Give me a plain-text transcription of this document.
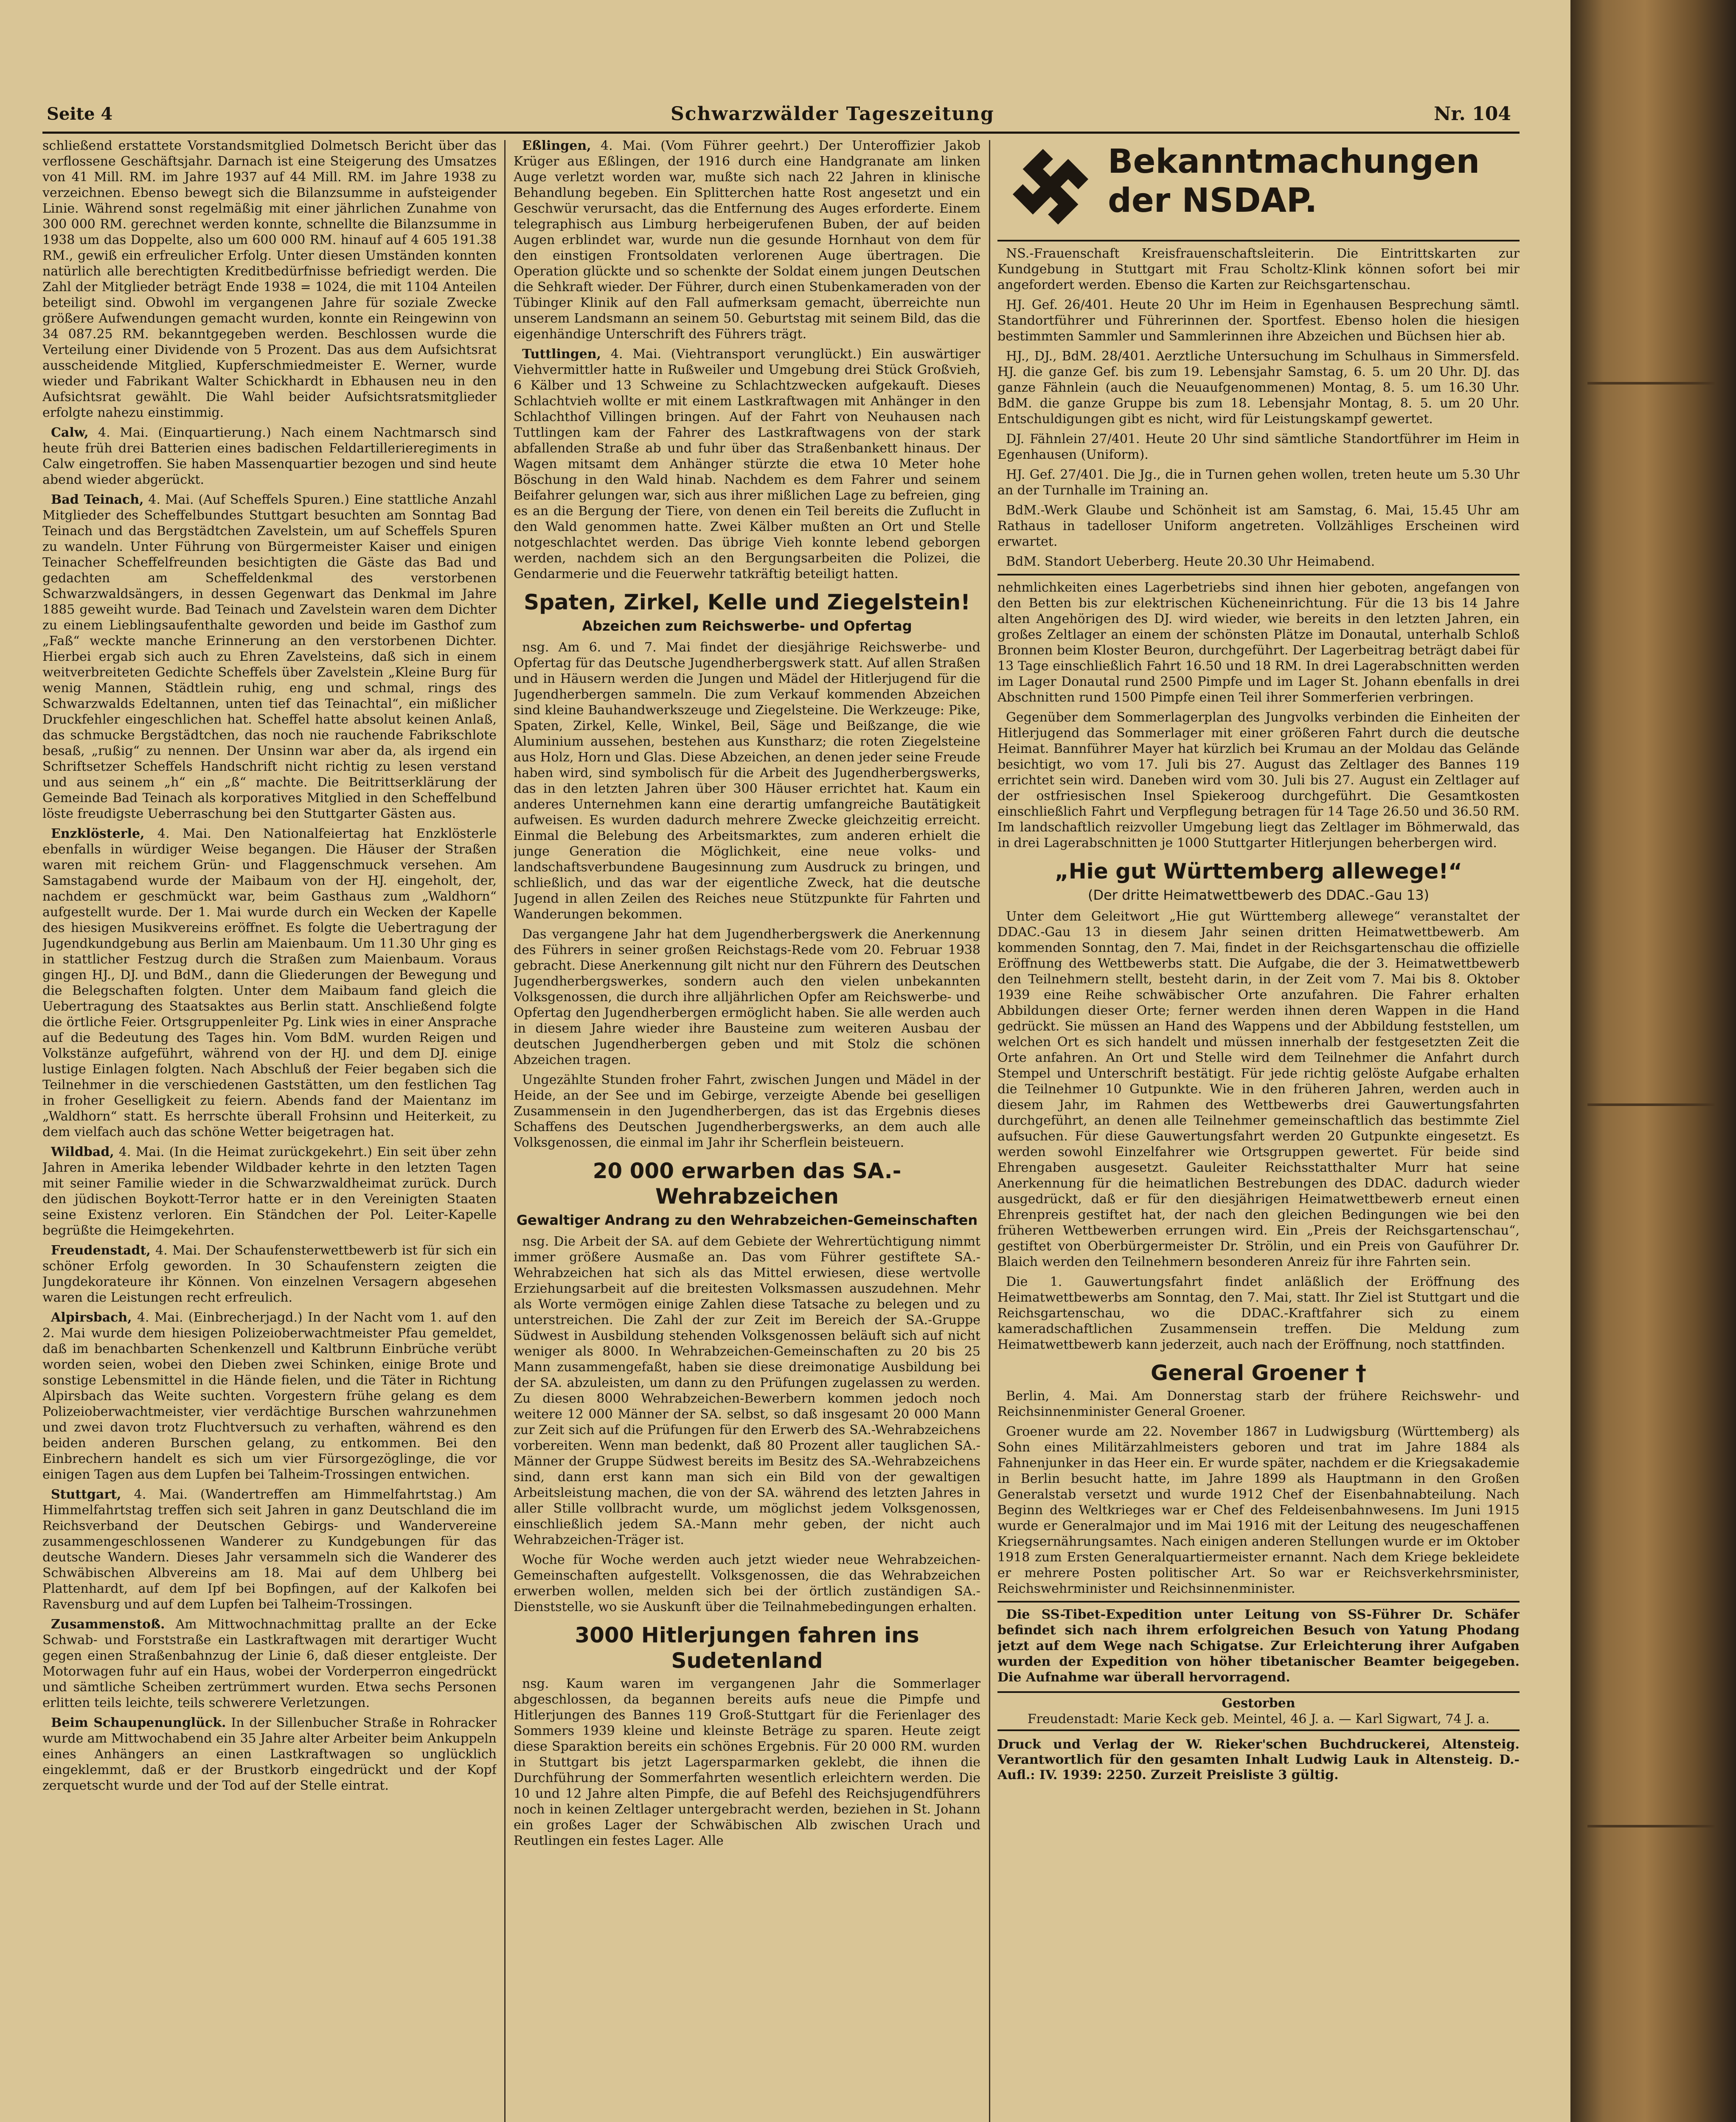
Seite 4	Schwarzwälder Tageszeitung	Nr. 104

schließend erstattete Vorstandsmitglied Dolmetsch Bericht über das verflossene Geschäftsjahr. Darnach ist eine Steigerung des Umsatzes von 41 Mill. RM. im Jahre 1937 auf 44 Mill. RM. im Jahre 1938 zu verzeichnen. Ebenso bewegt sich die Bilanzsumme in aufsteigender Linie. Während sonst regelmäßig mit einer jährlichen Zunahme von 300 000 RM. gerechnet werden konnte, schnellte die Bilanzsumme in 1938 um das Doppelte, also um 600 000 RM. hinauf auf 4 605 191.38 RM., gewiß ein erfreulicher Erfolg. Unter diesen Umständen konnten natürlich alle berechtigten Kreditbedürfnisse befriedigt werden. Die Zahl der Mitglieder beträgt Ende 1938 = 1024, die mit 1104 Anteilen beteiligt sind. Obwohl im vergangenen Jahre für soziale Zwecke größere Aufwendungen gemacht wurden, konnte ein Reingewinn von 34 087.25 RM. bekanntgegeben werden. Beschlossen wurde die Verteilung einer Dividende von 5 Prozent. Das aus dem Aufsichtsrat ausscheidende Mitglied, Kupferschmiedmeister E. Werner, wurde wieder und Fabrikant Walter Schickhardt in Ebhausen neu in den Aufsichtsrat gewählt. Die Wahl beider Aufsichtsratsmitglieder erfolgte nahezu einstimmig.

Calw, 4. Mai. (Einquartierung.) Nach einem Nachtmarsch sind heute früh drei Batterien eines badischen Feldartillerieregiments in Calw eingetroffen. Sie haben Massenquartier bezogen und sind heute abend wieder abgerückt.

Bad Teinach, 4. Mai. (Auf Scheffels Spuren.) Eine stattliche Anzahl Mitglieder des Scheffelbundes Stuttgart besuchten am Sonntag Bad Teinach und das Bergstädtchen Zavelstein, um auf Scheffels Spuren zu wandeln. Unter Führung von Bürgermeister Kaiser und einigen Teinacher Scheffelfreunden besichtigten die Gäste das Bad und gedachten am Scheffeldenkmal des verstorbenen Schwarzwaldsängers, in dessen Gegenwart das Denkmal im Jahre 1885 geweiht wurde. Bad Teinach und Zavelstein waren dem Dichter zu einem Lieblingsaufenthalte geworden und beide im Gasthof zum „Faß“ weckte manche Erinnerung an den verstorbenen Dichter. Hierbei ergab sich auch zu Ehren Zavelsteins, daß sich in einem weitverbreiteten Gedichte Scheffels über Zavelstein „Kleine Burg für wenig Mannen, Städtlein ruhig, eng und schmal, rings des Schwarzwalds Edeltannen, unten tief das Teinachtal“, ein mißlicher Druckfehler eingeschlichen hat. Scheffel hatte absolut keinen Anlaß, das schmucke Bergstädtchen, das noch nie rauchende Fabrikschlote besaß, „rußig“ zu nennen. Der Unsinn war aber da, als irgend ein Schriftsetzer Scheffels Handschrift nicht richtig zu lesen verstand und aus seinem „h“ ein „ß“ machte. Die Beitrittserklärung der Gemeinde Bad Teinach als korporatives Mitglied in den Scheffelbund löste freudigste Ueberraschung bei den Stuttgarter Gästen aus.

Enzklösterle, 4. Mai. Den Nationalfeiertag hat Enzklösterle ebenfalls in würdiger Weise begangen. Die Häuser der Straßen waren mit reichem Grün- und Flaggenschmuck versehen. Am Samstagabend wurde der Maibaum von der HJ. eingeholt, der, nachdem er geschmückt war, beim Gasthaus zum „Waldhorn“ aufgestellt wurde. Der 1. Mai wurde durch ein Wecken der Kapelle des hiesigen Musikvereins eröffnet. Es folgte die Uebertragung der Jugendkundgebung aus Berlin am Maienbaum. Um 11.30 Uhr ging es in stattlicher Festzug durch die Straßen zum Maienbaum. Voraus gingen HJ., DJ. und BdM., dann die Gliederungen der Bewegung und die Belegschaften folgten. Unter dem Maibaum fand gleich die Uebertragung des Staatsaktes aus Berlin statt. Anschließend folgte die örtliche Feier. Ortsgruppenleiter Pg. Link wies in einer Ansprache auf die Bedeutung des Tages hin. Vom BdM. wurden Reigen und Volkstänze aufgeführt, während von der HJ. und dem DJ. einige lustige Einlagen folgten. Nach Abschluß der Feier begaben sich die Teilnehmer in die verschiedenen Gaststätten, um den festlichen Tag in froher Geselligkeit zu feiern. Abends fand der Maientanz im „Waldhorn“ statt. Es herrschte überall Frohsinn und Heiterkeit, zu dem vielfach auch das schöne Wetter beigetragen hat.

Wildbad, 4. Mai. (In die Heimat zurückgekehrt.) Ein seit über zehn Jahren in Amerika lebender Wildbader kehrte in den letzten Tagen mit seiner Familie wieder in die Schwarzwaldheimat zurück. Durch den jüdischen Boykott-Terror hatte er in den Vereinigten Staaten seine Existenz verloren. Ein Ständchen der Pol. Leiter-Kapelle begrüßte die Heimgekehrten.

Freudenstadt, 4. Mai. Der Schaufensterwettbewerb ist für sich ein schöner Erfolg geworden. In 30 Schaufenstern zeigten die Jungdekorateure ihr Können. Von einzelnen Versagern abgesehen waren die Leistungen recht erfreulich.

Alpirsbach, 4. Mai. (Einbrecherjagd.) In der Nacht vom 1. auf den 2. Mai wurde dem hiesigen Polizeioberwachtmeister Pfau gemeldet, daß im benachbarten Schenkenzell und Kaltbrunn Einbrüche verübt worden seien, wobei den Dieben zwei Schinken, einige Brote und sonstige Lebensmittel in die Hände fielen, und die Täter in Richtung Alpirsbach das Weite suchten. Vorgestern frühe gelang es dem Polizeioberwachtmeister, vier verdächtige Burschen wahrzunehmen und zwei davon trotz Fluchtversuch zu verhaften, während es den beiden anderen Burschen gelang, zu entkommen. Bei den Einbrechern handelt es sich um vier Fürsorgezöglinge, die vor einigen Tagen aus dem Lupfen bei Talheim-Trossingen entwichen.

Stuttgart, 4. Mai. (Wandertreffen am Himmelfahrtstag.) Am Himmelfahrtstag treffen sich seit Jahren in ganz Deutschland die im Reichsverband der Deutschen Gebirgs- und Wandervereine zusammengeschlossenen Wanderer zu Kundgebungen für das deutsche Wandern. Dieses Jahr versammeln sich die Wanderer des Schwäbischen Albvereins am 18. Mai auf dem Uhlberg bei Plattenhardt, auf dem Ipf bei Bopfingen, auf der Kalkofen bei Ravensburg und auf dem Lupfen bei Talheim-Trossingen.

Zusammenstoß. Am Mittwochnachmittag prallte an der Ecke Schwab- und Forststraße ein Lastkraftwagen mit derartiger Wucht gegen einen Straßenbahnzug der Linie 6, daß dieser entgleiste. Der Motorwagen fuhr auf ein Haus, wobei der Vorderperron eingedrückt und sämtliche Scheiben zertrümmert wurden. Etwa sechs Personen erlitten teils leichte, teils schwerere Verletzungen.

Beim Schaupenunglück. In der Sillenbucher Straße in Rohracker wurde am Mittwochabend ein 35 Jahre alter Arbeiter beim Ankuppeln eines Anhängers an einen Lastkraftwagen so unglücklich eingeklemmt, daß er der Brustkorb eingedrückt und der Kopf zerquetscht wurde und der Tod auf der Stelle eintrat.

Eßlingen, 4. Mai. (Vom Führer geehrt.) Der Unteroffizier Jakob Krüger aus Eßlingen, der 1916 durch eine Handgranate am linken Auge verletzt worden war, mußte sich nach 22 Jahren in klinische Behandlung begeben. Ein Splitterchen hatte Rost angesetzt und ein Geschwür verursacht, das die Entfernung des Auges erforderte. Einem telegraphisch aus Limburg herbeigerufenen Buben, der auf beiden Augen erblindet war, wurde nun die gesunde Hornhaut von dem für den einstigen Frontsoldaten verlorenen Auge übertragen. Die Operation glückte und so schenkte der Soldat einem jungen Deutschen die Sehkraft wieder. Der Führer, durch einen Stubenkameraden von der Tübinger Klinik auf den Fall aufmerksam gemacht, überreichte nun unserem Landsmann an seinem 50. Geburtstag mit seinem Bild, das die eigenhändige Unterschrift des Führers trägt.

Tuttlingen, 4. Mai. (Viehtransport verunglückt.) Ein auswärtiger Viehvermittler hatte in Rußweiler und Umgebung drei Stück Großvieh, 6 Kälber und 13 Schweine zu Schlachtzwecken aufgekauft. Dieses Schlachtvieh wollte er mit einem Lastkraftwagen mit Anhänger in den Schlachthof Villingen bringen. Auf der Fahrt von Neuhausen nach Tuttlingen kam der Fahrer des Lastkraftwagens von der stark abfallenden Straße ab und fuhr über das Straßenbankett hinaus. Der Wagen mitsamt dem Anhänger stürzte die etwa 10 Meter hohe Böschung in den Wald hinab. Nachdem es dem Fahrer und seinem Beifahrer gelungen war, sich aus ihrer mißlichen Lage zu befreien, ging es an die Bergung der Tiere, von denen ein Teil bereits die Zuflucht in den Wald genommen hatte. Zwei Kälber mußten an Ort und Stelle notgeschlachtet werden. Das übrige Vieh konnte lebend geborgen werden, nachdem sich an den Bergungsarbeiten die Polizei, die Gendarmerie und die Feuerwehr tatkräftig beteiligt hatten.

Spaten, Zirkel, Kelle und Ziegelstein!
Abzeichen zum Reichswerbe- und Opfertag

nsg. Am 6. und 7. Mai findet der diesjährige Reichswerbe- und Opfertag für das Deutsche Jugendherbergswerk statt. Auf allen Straßen und in Häusern werden die Jungen und Mädel der Hitlerjugend für die Jugendherbergen sammeln. Die zum Verkauf kommenden Abzeichen sind kleine Bauhandwerkszeuge und Ziegelsteine. Die Werkzeuge: Pike, Spaten, Zirkel, Kelle, Winkel, Beil, Säge und Beißzange, die wie Aluminium aussehen, bestehen aus Kunstharz; die roten Ziegelsteine aus Holz, Horn und Glas. Diese Abzeichen, an denen jeder seine Freude haben wird, sind symbolisch für die Arbeit des Jugendherbergswerks, das in den letzten Jahren über 300 Häuser errichtet hat. Kaum ein anderes Unternehmen kann eine derartig umfangreiche Bautätigkeit aufweisen. Es wurden dadurch mehrere Zwecke gleichzeitig erreicht. Einmal die Belebung des Arbeitsmarktes, zum anderen erhielt die junge Generation die Möglichkeit, eine neue volks- und landschaftsverbundene Baugesinnung zum Ausdruck zu bringen, und schließlich, und das war der eigentliche Zweck, hat die deutsche Jugend in allen Zeilen des Reiches neue Stützpunkte für Fahrten und Wanderungen bekommen.

Das vergangene Jahr hat dem Jugendherbergswerk die Anerkennung des Führers in seiner großen Reichstags-Rede vom 20. Februar 1938 gebracht. Diese Anerkennung gilt nicht nur den Führern des Deutschen Jugendherbergswerkes, sondern auch den vielen unbekannten Volksgenossen, die durch ihre alljährlichen Opfer am Reichswerbe- und Opfertag den Jugendherbergen ermöglicht haben. Sie alle werden auch in diesem Jahre wieder ihre Bausteine zum weiteren Ausbau der deutschen Jugendherbergen geben und mit Stolz die schönen Abzeichen tragen.

Ungezählte Stunden froher Fahrt, zwischen Jungen und Mädel in der Heide, an der See und im Gebirge, verzeigte Abende bei geselligen Zusammensein in den Jugendherbergen, das ist das Ergebnis dieses Schaffens des Deutschen Jugendherbergswerks, an dem auch alle Volksgenossen, die einmal im Jahr ihr Scherflein beisteuern.

20 000 erwarben das SA.-Wehrabzeichen
Gewaltiger Andrang zu den Wehrabzeichen-Gemeinschaften

nsg. Die Arbeit der SA. auf dem Gebiete der Wehrertüchtigung nimmt immer größere Ausmaße an. Das vom Führer gestiftete SA.-Wehrabzeichen hat sich als das Mittel erwiesen, diese wertvolle Erziehungsarbeit auf die breitesten Volksmassen auszudehnen. Mehr als Worte vermögen einige Zahlen diese Tatsache zu belegen und zu unterstreichen. Die Zahl der zur Zeit im Bereich der SA.-Gruppe Südwest in Ausbildung stehenden Volksgenossen beläuft sich auf nicht weniger als 8000. In Wehrabzeichen-Gemeinschaften zu 20 bis 25 Mann zusammengefaßt, haben sie diese dreimonatige Ausbildung bei der SA. abzuleisten, um dann zu den Prüfungen zugelassen zu werden. Zu diesen 8000 Wehrabzeichen-Bewerbern kommen jedoch noch weitere 12 000 Männer der SA. selbst, so daß insgesamt 20 000 Mann zur Zeit sich auf die Prüfungen für den Erwerb des SA.-Wehrabzeichens vorbereiten. Wenn man bedenkt, daß 80 Prozent aller tauglichen SA.-Männer der Gruppe Südwest bereits im Besitz des SA.-Wehrabzeichens sind, dann erst kann man sich ein Bild von der gewaltigen Arbeitsleistung machen, die von der SA. während des letzten Jahres in aller Stille vollbracht wurde, um möglichst jedem Volksgenossen, einschließlich jedem SA.-Mann mehr geben, der nicht auch Wehrabzeichen-Träger ist.

Woche für Woche werden auch jetzt wieder neue Wehrabzeichen-Gemeinschaften aufgestellt. Volksgenossen, die das Wehrabzeichen erwerben wollen, melden sich bei der örtlich zuständigen SA.-Dienststelle, wo sie Auskunft über die Teilnahmebedingungen erhalten.

3000 Hitlerjungen fahren ins Sudetenland

nsg. Kaum waren im vergangenen Jahr die Sommerlager abgeschlossen, da begannen bereits aufs neue die Pimpfe und Hitlerjungen des Bannes 119 Groß-Stuttgart für die Ferienlager des Sommers 1939 kleine und kleinste Beträge zu sparen. Heute zeigt diese Sparaktion bereits ein schönes Ergebnis. Für 20 000 RM. wurden in Stuttgart bis jetzt Lagersparmarken geklebt, die ihnen die Durchführung der Sommerfahrten wesentlich erleichtern werden. Die 10 und 12 Jahre alten Pimpfe, die auf Befehl des Reichsjugendführers noch in keinen Zeltlager untergebracht werden, beziehen in St. Johann ein großes Lager der Schwäbischen Alb zwischen Urach und Reutlingen ein festes Lager. Alle

Bekanntmachungen
der NSDAP.

NS.-Frauenschaft Kreisfrauenschaftsleiterin. Die Eintrittskarten zur Kundgebung in Stuttgart mit Frau Scholtz-Klink können sofort bei mir angefordert werden. Ebenso die Karten zur Reichsgartenschau.

HJ. Gef. 26/401. Heute 20 Uhr im Heim in Egenhausen Besprechung sämtl. Standortführer und Führerinnen der. Sportfest. Ebenso holen die hiesigen bestimmten Sammler und Sammlerinnen ihre Abzeichen und Büchsen hier ab.

HJ., DJ., BdM. 28/401. Aerztliche Untersuchung im Schulhaus in Simmersfeld. HJ. die ganze Gef. bis zum 19. Lebensjahr Samstag, 6. 5. um 20 Uhr. DJ. das ganze Fähnlein (auch die Neuaufgenommenen) Montag, 8. 5. um 16.30 Uhr. BdM. die ganze Gruppe bis zum 18. Lebensjahr Montag, 8. 5. um 20 Uhr. Entschuldigungen gibt es nicht, wird für Leistungskampf gewertet.

DJ. Fähnlein 27/401. Heute 20 Uhr sind sämtliche Standortführer im Heim in Egenhausen (Uniform).

HJ. Gef. 27/401. Die Jg., die in Turnen gehen wollen, treten heute um 5.30 Uhr an der Turnhalle im Training an.

BdM.-Werk Glaube und Schönheit ist am Samstag, 6. Mai, 15.45 Uhr am Rathaus in tadelloser Uniform angetreten. Vollzähliges Erscheinen wird erwartet.

BdM. Standort Ueberberg. Heute 20.30 Uhr Heimabend.

nehmlichkeiten eines Lagerbetriebs sind ihnen hier geboten, angefangen von den Betten bis zur elektrischen Kücheneinrichtung. Für die 13 bis 14 Jahre alten Angehörigen des DJ. wird wieder, wie bereits in den letzten Jahren, ein großes Zeltlager an einem der schönsten Plätze im Donautal, unterhalb Schloß Bronnen beim Kloster Beuron, durchgeführt. Der Lagerbeitrag beträgt dabei für 13 Tage einschließlich Fahrt 16.50 und 18 RM. In drei Lagerabschnitten werden im Lager Donautal rund 2500 Pimpfe und im Lager St. Johann ebenfalls in drei Abschnitten rund 1500 Pimpfe einen Teil ihrer Sommerferien verbringen.

Gegenüber dem Sommerlagerplan des Jungvolks verbinden die Einheiten der Hitlerjugend das Sommerlager mit einer größeren Fahrt durch die deutsche Heimat. Bannführer Mayer hat kürzlich bei Krumau an der Moldau das Gelände besichtigt, wo vom 17. Juli bis 27. August das Zeltlager des Bannes 119 errichtet sein wird. Daneben wird vom 30. Juli bis 27. August ein Zeltlager auf der ostfriesischen Insel Spiekeroog durchgeführt. Die Gesamtkosten einschließlich Fahrt und Verpflegung betragen für 14 Tage 26.50 und 36.50 RM. Im landschaftlich reizvoller Umgebung liegt das Zeltlager im Böhmerwald, das in drei Lagerabschnitten je 1000 Stuttgarter Hitlerjungen beherbergen wird.

„Hie gut Württemberg allewege!“
(Der dritte Heimatwettbewerb des DDAC.-Gau 13)

Unter dem Geleitwort „Hie gut Württemberg allewege“ veranstaltet der DDAC.-Gau 13 in diesem Jahr seinen dritten Heimatwettbewerb. Am kommenden Sonntag, den 7. Mai, findet in der Reichsgartenschau die offizielle Eröffnung des Wettbewerbs statt. Die Aufgabe, die der 3. Heimatwettbewerb den Teilnehmern stellt, besteht darin, in der Zeit vom 7. Mai bis 8. Oktober 1939 eine Reihe schwäbischer Orte anzufahren. Die Fahrer erhalten Abbildungen dieser Orte; ferner werden ihnen deren Wappen in die Hand gedrückt. Sie müssen an Hand des Wappens und der Abbildung feststellen, um welchen Ort es sich handelt und müssen innerhalb der festgesetzten Zeit die Orte anfahren. An Ort und Stelle wird dem Teilnehmer die Anfahrt durch Stempel und Unterschrift bestätigt. Für jede richtig gelöste Aufgabe erhalten die Teilnehmer 10 Gutpunkte. Wie in den früheren Jahren, werden auch in diesem Jahr, im Rahmen des Wettbewerbs drei Gauwertungsfahrten durchgeführt, an denen alle Teilnehmer gemeinschaftlich das bestimmte Ziel aufsuchen. Für diese Gauwertungsfahrt werden 20 Gutpunkte eingesetzt. Es werden sowohl Einzelfahrer wie Ortsgruppen gewertet. Für beide sind Ehrengaben ausgesetzt. Gauleiter Reichsstatthalter Murr hat seine Anerkennung für die heimatlichen Bestrebungen des DDAC. dadurch wieder ausgedrückt, daß er für den diesjährigen Heimatwettbewerb erneut einen Ehrenpreis gestiftet hat, der nach den gleichen Bedingungen wie bei den früheren Wettbewerben errungen wird. Ein „Preis der Reichsgartenschau“, gestiftet von Oberbürgermeister Dr. Strölin, und ein Preis von Gauführer Dr. Blaich werden den Teilnehmern besonderen Anreiz für ihre Fahrten sein.

Die 1. Gauwertungsfahrt findet anläßlich der Eröffnung des Heimatwettbewerbs am Sonntag, den 7. Mai, statt. Ihr Ziel ist Stuttgart und die Reichsgartenschau, wo die DDAC.-Kraftfahrer sich zu einem kameradschaftlichen Zusammensein treffen. Die Meldung zum Heimatwettbewerb kann jederzeit, auch nach der Eröffnung, noch stattfinden.

General Groener †

Berlin, 4. Mai. Am Donnerstag starb der frühere Reichswehr- und Reichsinnenminister General Groener.

Groener wurde am 22. November 1867 in Ludwigsburg (Württemberg) als Sohn eines Militärzahlmeisters geboren und trat im Jahre 1884 als Fahnenjunker in das Heer ein. Er wurde später, nachdem er die Kriegsakademie in Berlin besucht hatte, im Jahre 1899 als Hauptmann in den Großen Generalstab versetzt und wurde 1912 Chef der Eisenbahnabteilung. Nach Beginn des Weltkrieges war er Chef des Feldeisenbahnwesens. Im Juni 1915 wurde er Generalmajor und im Mai 1916 mit der Leitung des neugeschaffenen Kriegsernährungsamtes. Nach einigen anderen Stellungen wurde er im Oktober 1918 zum Ersten Generalquartiermeister ernannt. Nach dem Kriege bekleidete er mehrere Posten politischer Art. So war er Reichsverkehrsminister, Reichswehrminister und Reichsinnenminister.

Die SS-Tibet-Expedition unter Leitung von SS-Führer Dr. Schäfer befindet sich nach ihrem erfolgreichen Besuch von Yatung Phodang jetzt auf dem Wege nach Schigatse. Zur Erleichterung ihrer Aufgaben wurden der Expedition von höher tibetanischer Beamter beigegeben. Die Aufnahme war überall hervorragend.

Gestorben
Freudenstadt: Marie Keck geb. Meintel, 46 J. a. — Karl Sigwart, 74 J. a.

Druck und Verlag der W. Rieker'schen Buchdruckerei, Altensteig. Verantwortlich für den gesamten Inhalt Ludwig Lauk in Altensteig. D.-Aufl.: IV. 1939: 2250. Zurzeit Preisliste 3 gültig.
